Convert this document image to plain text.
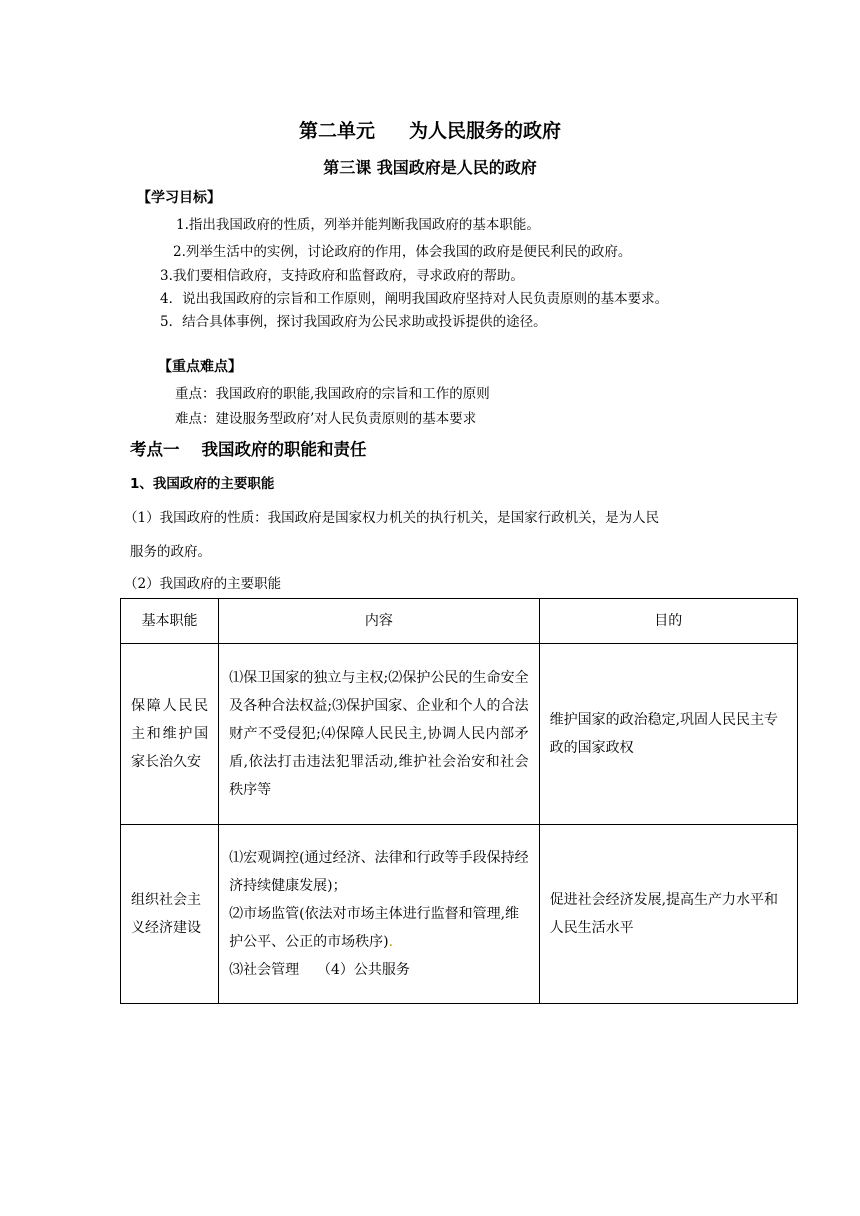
第二单元 为人民服务的政府
第三课 我国政府是人民的政府
【学习目标】
1.指出我国政府的性质，列举并能判断我国政府的基本职能。
2.列举生活中的实例，讨论政府的作用，体会我国的政府是便民利民的政府。
3.我们要相信政府，支持政府和监督政府，寻求政府的帮助。
4．说出我国政府的宗旨和工作原则，阐明我国政府坚持对人民负责原则的基本要求。
5．结合具体事例，探讨我国政府为公民求助或投诉提供的途径。
【重点难点】
重点：我国政府的职能,我国政府的宗旨和工作的原则
难点：建设服务型政府’对人民负责原则的基本要求
考点一 我国政府的职能和责任
1、我国政府的主要职能
（1）我国政府的性质：我国政府是国家权力机关的执行机关，是国家行政机关，是为人民
服务的政府。
（2）我国政府的主要职能
基本职能	内容	目的
保障人民民主和维护国家长治久安	⑴保卫国家的独立与主权;⑵保护公民的生命安全及各种合法权益;⑶保护国家、企业和个人的合法财产不受侵犯;⑷保障人民民主,协调人民内部矛盾,依法打击违法犯罪活动,维护社会治安和社会秩序等	维护国家的政治稳定,巩固人民民主专政的国家政权
组织社会主义经济建设	⑴宏观调控(通过经济、法律和行政等手段保持经济持续健康发展)；
⑵市场监管(依法对市场主体进行监督和管理,维护公平、公正的市场秩序).
⑶社会管理 （4）公共服务	促进社会经济发展,提高生产力水平和人民生活水平
